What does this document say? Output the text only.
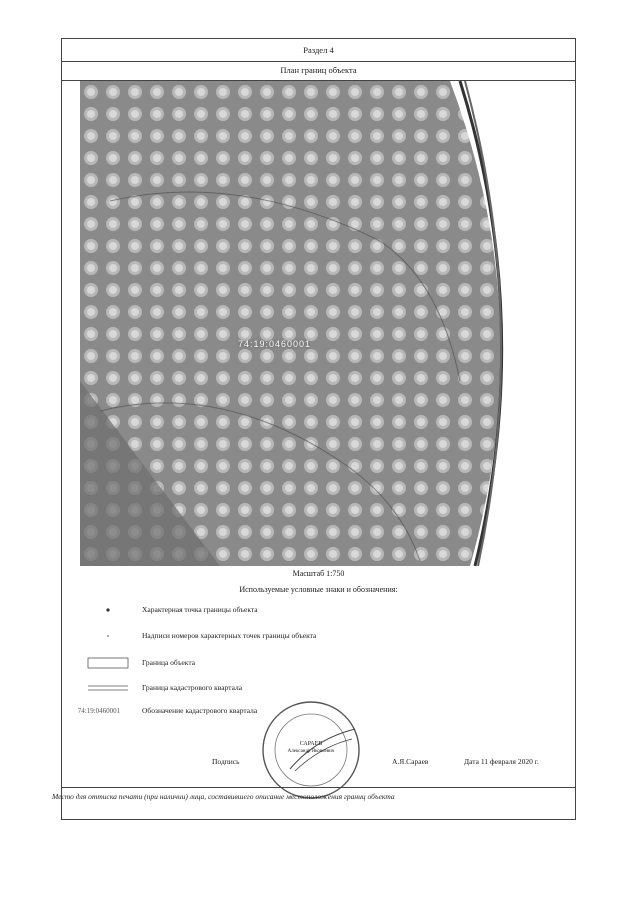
Раздел 4
План границ объекта
74:19:0460001
Масштаб 1:750
Используемые условные знаки и обозначения:
Характерная точка границы объекта
Надписи номеров характерных точек границы объекта
Граница объекта
Граница кадастрового квартала
74:19:0460001	Обозначение кадастрового квартала
САРАЕВ
Александр Яковлевич
Подпись	А.Я.Сараев	Дата 11 февраля 2020 г.
Место для оттиска печати (при наличии) лица, составившего описание местоположения границ объекта
